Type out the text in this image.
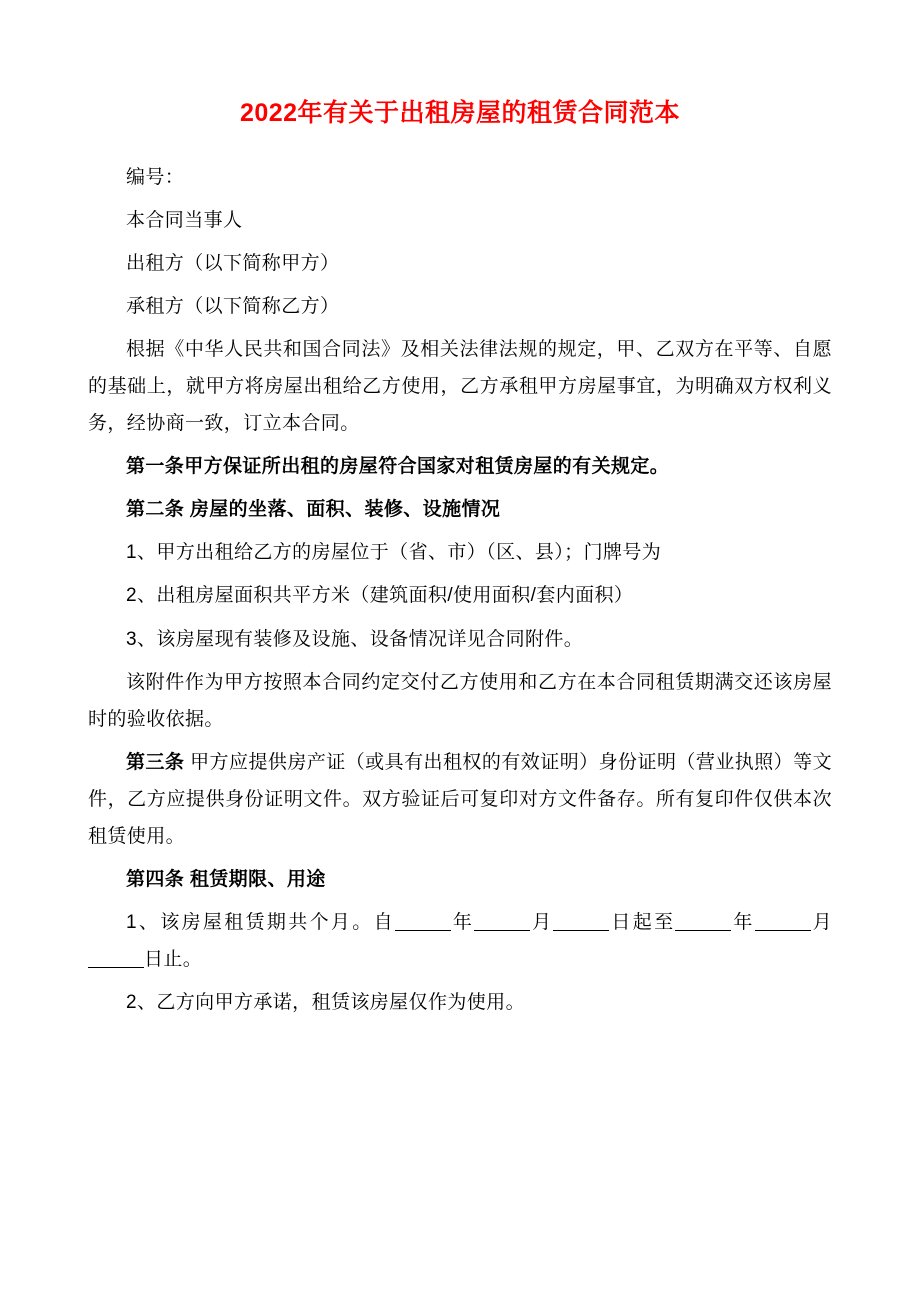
2022年有关于出租房屋的租赁合同范本

编号：

本合同当事人

出租方（以下简称甲方）

承租方（以下简称乙方）

根据《中华人民共和国合同法》及相关法律法规的规定，甲、乙双方在平等、自愿的基础上，就甲方将房屋出租给乙方使用，乙方承租甲方房屋事宜，为明确双方权利义务，经协商一致，订立本合同。

第一条甲方保证所出租的房屋符合国家对租赁房屋的有关规定。

第二条 房屋的坐落、面积、装修、设施情况

1、甲方出租给乙方的房屋位于（省、市）（区、县）；门牌号为

2、出租房屋面积共平方米（建筑面积/使用面积/套内面积）

3、该房屋现有装修及设施、设备情况详见合同附件。

该附件作为甲方按照本合同约定交付乙方使用和乙方在本合同租赁期满交还该房屋时的验收依据。

第三条 甲方应提供房产证（或具有出租权的有效证明）身份证明（营业执照）等文件，乙方应提供身份证明文件。双方验证后可复印对方文件备存。所有复印件仅供本次租赁使用。

第四条 租赁期限、用途

1、该房屋租赁期共个月。自	年	月	日起至	年	月日止。

2、乙方向甲方承诺，租赁该房屋仅作为使用。
